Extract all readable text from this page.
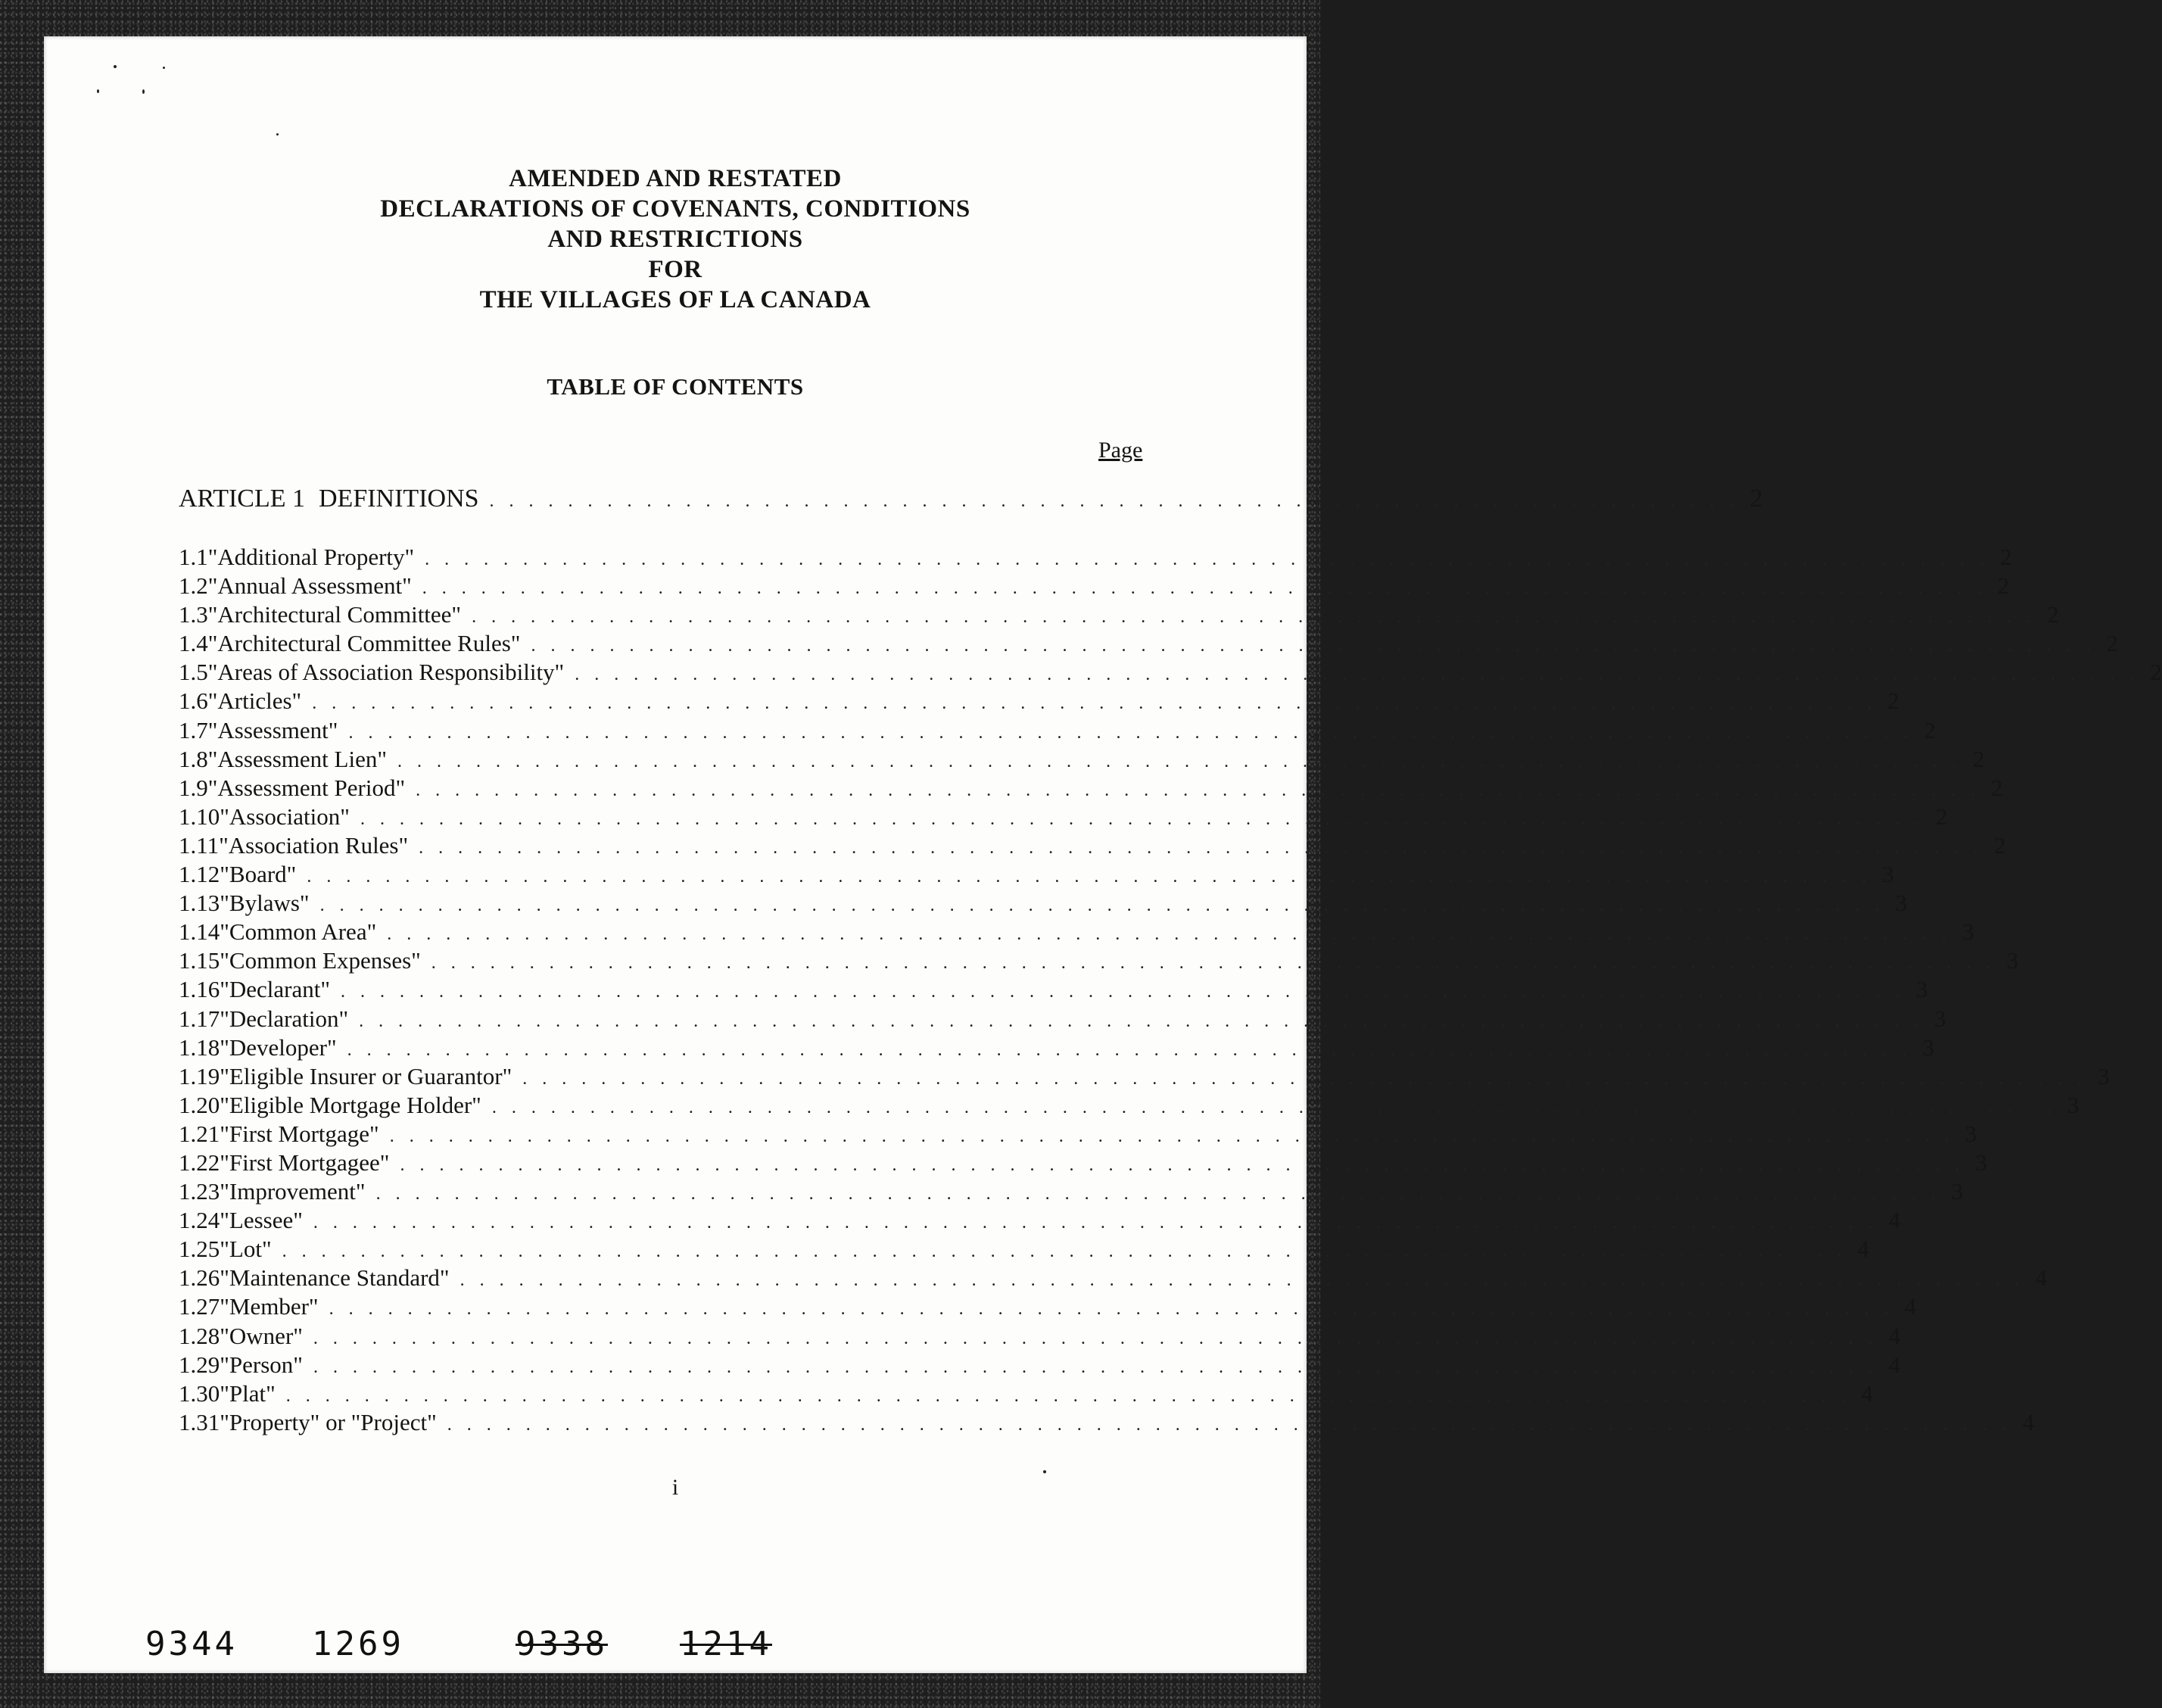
AMENDED AND RESTATED
DECLARATIONS OF COVENANTS, CONDITIONS
AND RESTRICTIONS
FOR
THE VILLAGES OF LA CANADA
TABLE OF CONTENTS
Page
ARTICLE 1 DEFINITIONS . . . . . . . . . . . . . . . . . . . . . . . . . . . . . . . . . . . . . . . . . . . . . . . . . . . . . . . . . . . . . . . . 2
1.1 "Additional Property" . . . . . . . . . . . . . . . . . . . . . . . . . . . . . . . . . . . . . . . . . . . . . . . . . . . . . . . . . . . . . . . . . . . . . . . . . . . . . . . . 2
1.2 "Annual Assessment" . . . . . . . . . . . . . . . . . . . . . . . . . . . . . . . . . . . . . . . . . . . . . . . . . . . . . . . . . . . . . . . . . . . . . . . . . . . . . . . . 2
1.3 "Architectural Committee" . . . . . . . . . . . . . . . . . . . . . . . . . . . . . . . . . . . . . . . . . . . . . . . . . . . . . . . . . . . . . . . . . . . . . . . . . . . . . . . . 2
1.4 "Architectural Committee Rules" . . . . . . . . . . . . . . . . . . . . . . . . . . . . . . . . . . . . . . . . . . . . . . . . . . . . . . . . . . . . . . . . . . . . . . . . . . . . . . . . 2
1.5 "Areas of Association Responsibility" . . . . . . . . . . . . . . . . . . . . . . . . . . . . . . . . . . . . . . . . . . . . . . . . . . . . . . . . . . . . . . . . . . . . . . . . . . . . . . . . 2
1.6 "Articles" . . . . . . . . . . . . . . . . . . . . . . . . . . . . . . . . . . . . . . . . . . . . . . . . . . . . . . . . . . . . . . . . . . . . . . . . . . . . . . . . 2
1.7 "Assessment" . . . . . . . . . . . . . . . . . . . . . . . . . . . . . . . . . . . . . . . . . . . . . . . . . . . . . . . . . . . . . . . . . . . . . . . . . . . . . . . . 2
1.8 "Assessment Lien" . . . . . . . . . . . . . . . . . . . . . . . . . . . . . . . . . . . . . . . . . . . . . . . . . . . . . . . . . . . . . . . . . . . . . . . . . . . . . . . . 2
1.9 "Assessment Period" . . . . . . . . . . . . . . . . . . . . . . . . . . . . . . . . . . . . . . . . . . . . . . . . . . . . . . . . . . . . . . . . . . . . . . . . . . . . . . . . 2
1.10 "Association" . . . . . . . . . . . . . . . . . . . . . . . . . . . . . . . . . . . . . . . . . . . . . . . . . . . . . . . . . . . . . . . . . . . . . . . . . . . . . . . . 2
1.11 "Association Rules" . . . . . . . . . . . . . . . . . . . . . . . . . . . . . . . . . . . . . . . . . . . . . . . . . . . . . . . . . . . . . . . . . . . . . . . . . . . . . . . . 2
1.12 "Board" . . . . . . . . . . . . . . . . . . . . . . . . . . . . . . . . . . . . . . . . . . . . . . . . . . . . . . . . . . . . . . . . . . . . . . . . . . . . . . . . 3
1.13 "Bylaws" . . . . . . . . . . . . . . . . . . . . . . . . . . . . . . . . . . . . . . . . . . . . . . . . . . . . . . . . . . . . . . . . . . . . . . . . . . . . . . . . 3
1.14 "Common Area" . . . . . . . . . . . . . . . . . . . . . . . . . . . . . . . . . . . . . . . . . . . . . . . . . . . . . . . . . . . . . . . . . . . . . . . . . . . . . . . . 3
1.15 "Common Expenses" . . . . . . . . . . . . . . . . . . . . . . . . . . . . . . . . . . . . . . . . . . . . . . . . . . . . . . . . . . . . . . . . . . . . . . . . . . . . . . . . 3
1.16 "Declarant" . . . . . . . . . . . . . . . . . . . . . . . . . . . . . . . . . . . . . . . . . . . . . . . . . . . . . . . . . . . . . . . . . . . . . . . . . . . . . . . . 3
1.17 "Declaration" . . . . . . . . . . . . . . . . . . . . . . . . . . . . . . . . . . . . . . . . . . . . . . . . . . . . . . . . . . . . . . . . . . . . . . . . . . . . . . . . 3
1.18 "Developer" . . . . . . . . . . . . . . . . . . . . . . . . . . . . . . . . . . . . . . . . . . . . . . . . . . . . . . . . . . . . . . . . . . . . . . . . . . . . . . . . 3
1.19 "Eligible Insurer or Guarantor" . . . . . . . . . . . . . . . . . . . . . . . . . . . . . . . . . . . . . . . . . . . . . . . . . . . . . . . . . . . . . . . . . . . . . . . . . . . . . . . . 3
1.20 "Eligible Mortgage Holder" . . . . . . . . . . . . . . . . . . . . . . . . . . . . . . . . . . . . . . . . . . . . . . . . . . . . . . . . . . . . . . . . . . . . . . . . . . . . . . . . 3
1.21 "First Mortgage" . . . . . . . . . . . . . . . . . . . . . . . . . . . . . . . . . . . . . . . . . . . . . . . . . . . . . . . . . . . . . . . . . . . . . . . . . . . . . . . . 3
1.22 "First Mortgagee" . . . . . . . . . . . . . . . . . . . . . . . . . . . . . . . . . . . . . . . . . . . . . . . . . . . . . . . . . . . . . . . . . . . . . . . . . . . . . . . . 3
1.23 "Improvement" . . . . . . . . . . . . . . . . . . . . . . . . . . . . . . . . . . . . . . . . . . . . . . . . . . . . . . . . . . . . . . . . . . . . . . . . . . . . . . . . 3
1.24 "Lessee" . . . . . . . . . . . . . . . . . . . . . . . . . . . . . . . . . . . . . . . . . . . . . . . . . . . . . . . . . . . . . . . . . . . . . . . . . . . . . . . . 4
1.25 "Lot" . . . . . . . . . . . . . . . . . . . . . . . . . . . . . . . . . . . . . . . . . . . . . . . . . . . . . . . . . . . . . . . . . . . . . . . . . . . . . . . . 4
1.26 "Maintenance Standard" . . . . . . . . . . . . . . . . . . . . . . . . . . . . . . . . . . . . . . . . . . . . . . . . . . . . . . . . . . . . . . . . . . . . . . . . . . . . . . . . 4
1.27 "Member" . . . . . . . . . . . . . . . . . . . . . . . . . . . . . . . . . . . . . . . . . . . . . . . . . . . . . . . . . . . . . . . . . . . . . . . . . . . . . . . . 4
1.28 "Owner" . . . . . . . . . . . . . . . . . . . . . . . . . . . . . . . . . . . . . . . . . . . . . . . . . . . . . . . . . . . . . . . . . . . . . . . . . . . . . . . . 4
1.29 "Person" . . . . . . . . . . . . . . . . . . . . . . . . . . . . . . . . . . . . . . . . . . . . . . . . . . . . . . . . . . . . . . . . . . . . . . . . . . . . . . . . 4
1.30 "Plat" . . . . . . . . . . . . . . . . . . . . . . . . . . . . . . . . . . . . . . . . . . . . . . . . . . . . . . . . . . . . . . . . . . . . . . . . . . . . . . . . 4
1.31 "Property" or "Project" . . . . . . . . . . . . . . . . . . . . . . . . . . . . . . . . . . . . . . . . . . . . . . . . . . . . . . . . . . . . . . . . . . . . . . . . . . . . . . . . 4
i
9344 1269	9338 1214
